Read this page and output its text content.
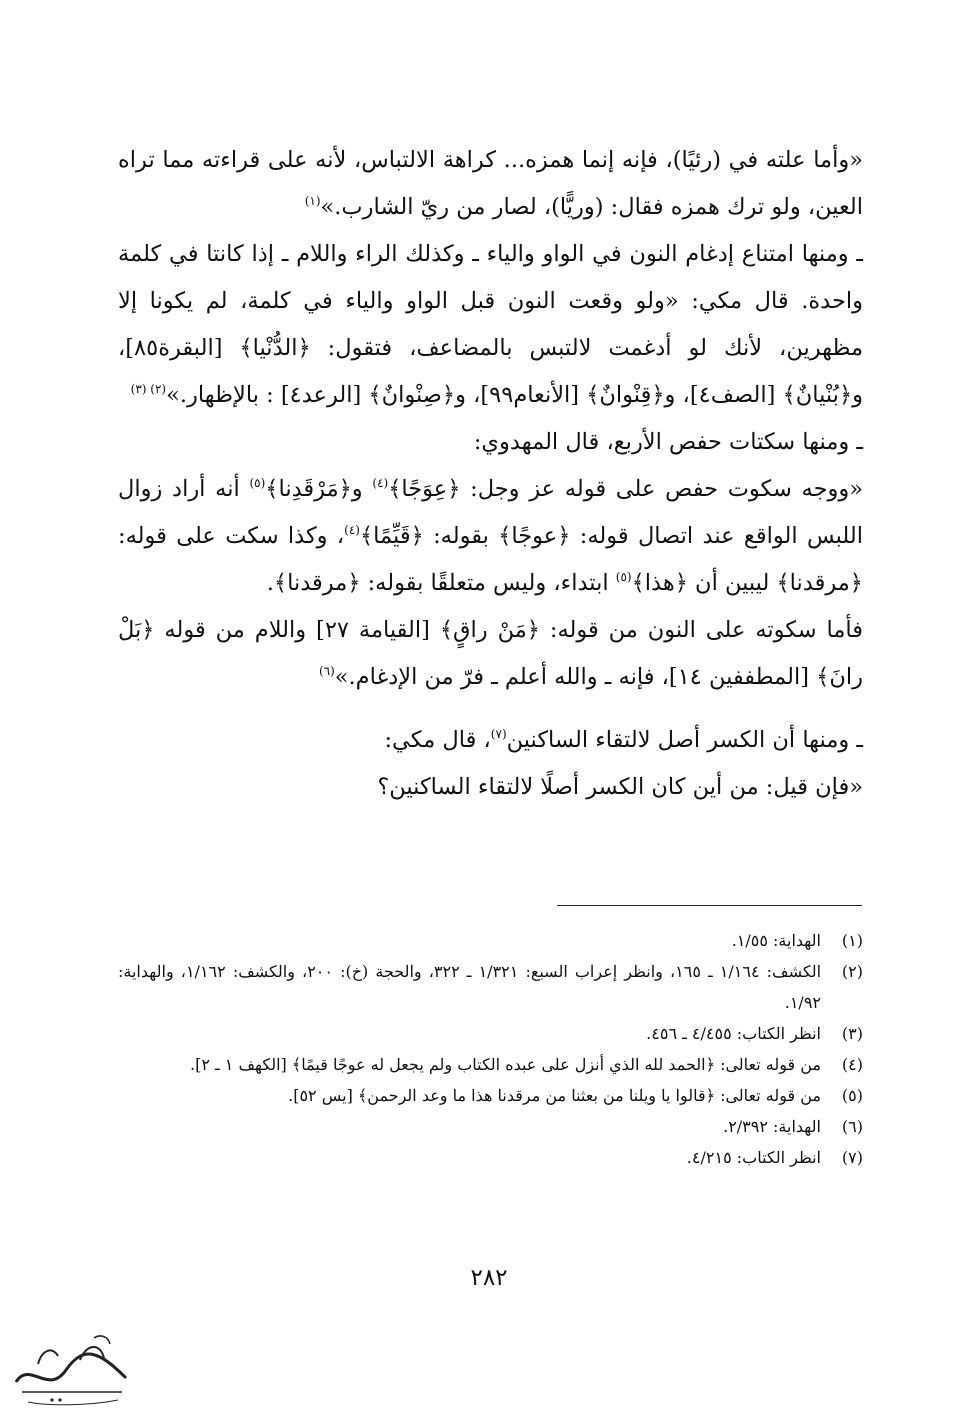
«وأما علته في (رئيًا)، فإنه إنما همزه... كراهة الالتباس، لأنه على قراءته مما تراه العين، ولو ترك همزه فقال: (وريًّا)، لصار من ريّ الشارب.»$^{(١)}$

ـ ومنها امتناع إدغام النون في الواو والياء ـ وكذلك الراء واللام ـ إذا كانتا في كلمة واحدة. قال مكي: «ولو وقعت النون قبل الواو والياء في كلمة، لم يكونا إلا مظهرين، لأنك لو أدغمت لالتبس بالمضاعف، فتقول: ﴿الدُّنْيا﴾ [البقرة٨٥]، و﴿بُنْيانٌ﴾ [الصف٤]، و﴿قِنْوانٌ﴾ [الأنعام٩٩]، و﴿صِنْوانٌ﴾ [الرعد٤] : بالإظهار.»$^{(٢) (٣)}$

ـ ومنها سكتات حفص الأربع، قال المهدوي:

«ووجه سكوت حفص على قوله عز وجل: ﴿عِوَجًا﴾$^{(٤)}$ و﴿مَرْقَدِنا﴾$^{(٥)}$ أنه أراد زوال اللبس الواقع عند اتصال قوله: ﴿عوجًا﴾ بقوله: ﴿قَيِّمًا﴾$^{(٤)}$، وكذا سكت على قوله: ﴿مرقدنا﴾ ليبين أن ﴿هذا﴾$^{(٥)}$ ابتداء، وليس متعلقًا بقوله: ﴿مرقدنا﴾.

فأما سكوته على النون من قوله: ﴿مَنْ راقٍ﴾ [القيامة ٢٧] واللام من قوله ﴿بَلْ رانَ﴾ [المطففين ١٤]، فإنه ـ والله أعلم ـ فرّ من الإدغام.»$^{(٦)}$

ـ ومنها أن الكسر أصل لالتقاء الساكنين$^{(٧)}$، قال مكي:

«فإن قيل: من أين كان الكسر أصلًا لالتقاء الساكنين؟

(١)
الهداية: ١/٥٥.
(٢)
الكشف: ١/١٦٤ ـ ١٦٥، وانظر إعراب السبع: ١/٣٢١ ـ ٣٢٢، والحجة (خ): ٢٠٠، والكشف: ١/١٦٢، والهداية: ١/٩٢.
(٣)
انظر الكتاب: ٤/٤٥٥ ـ ٤٥٦.
(٤)
من قوله تعالى: ﴿الحمد لله الذي أنزل على عبده الكتاب ولم يجعل له عوجًا قيمًا﴾ [الكهف ١ ـ ٢].
(٥)
من قوله تعالى: ﴿قالوا يا ويلنا من بعثنا من مرقدنا هذا ما وعد الرحمن﴾ [يس ٥٢].
(٦)
الهداية: ٢/٣٩٢.
(٧)
انظر الكتاب: ٤/٢١٥.
٢٨٢
